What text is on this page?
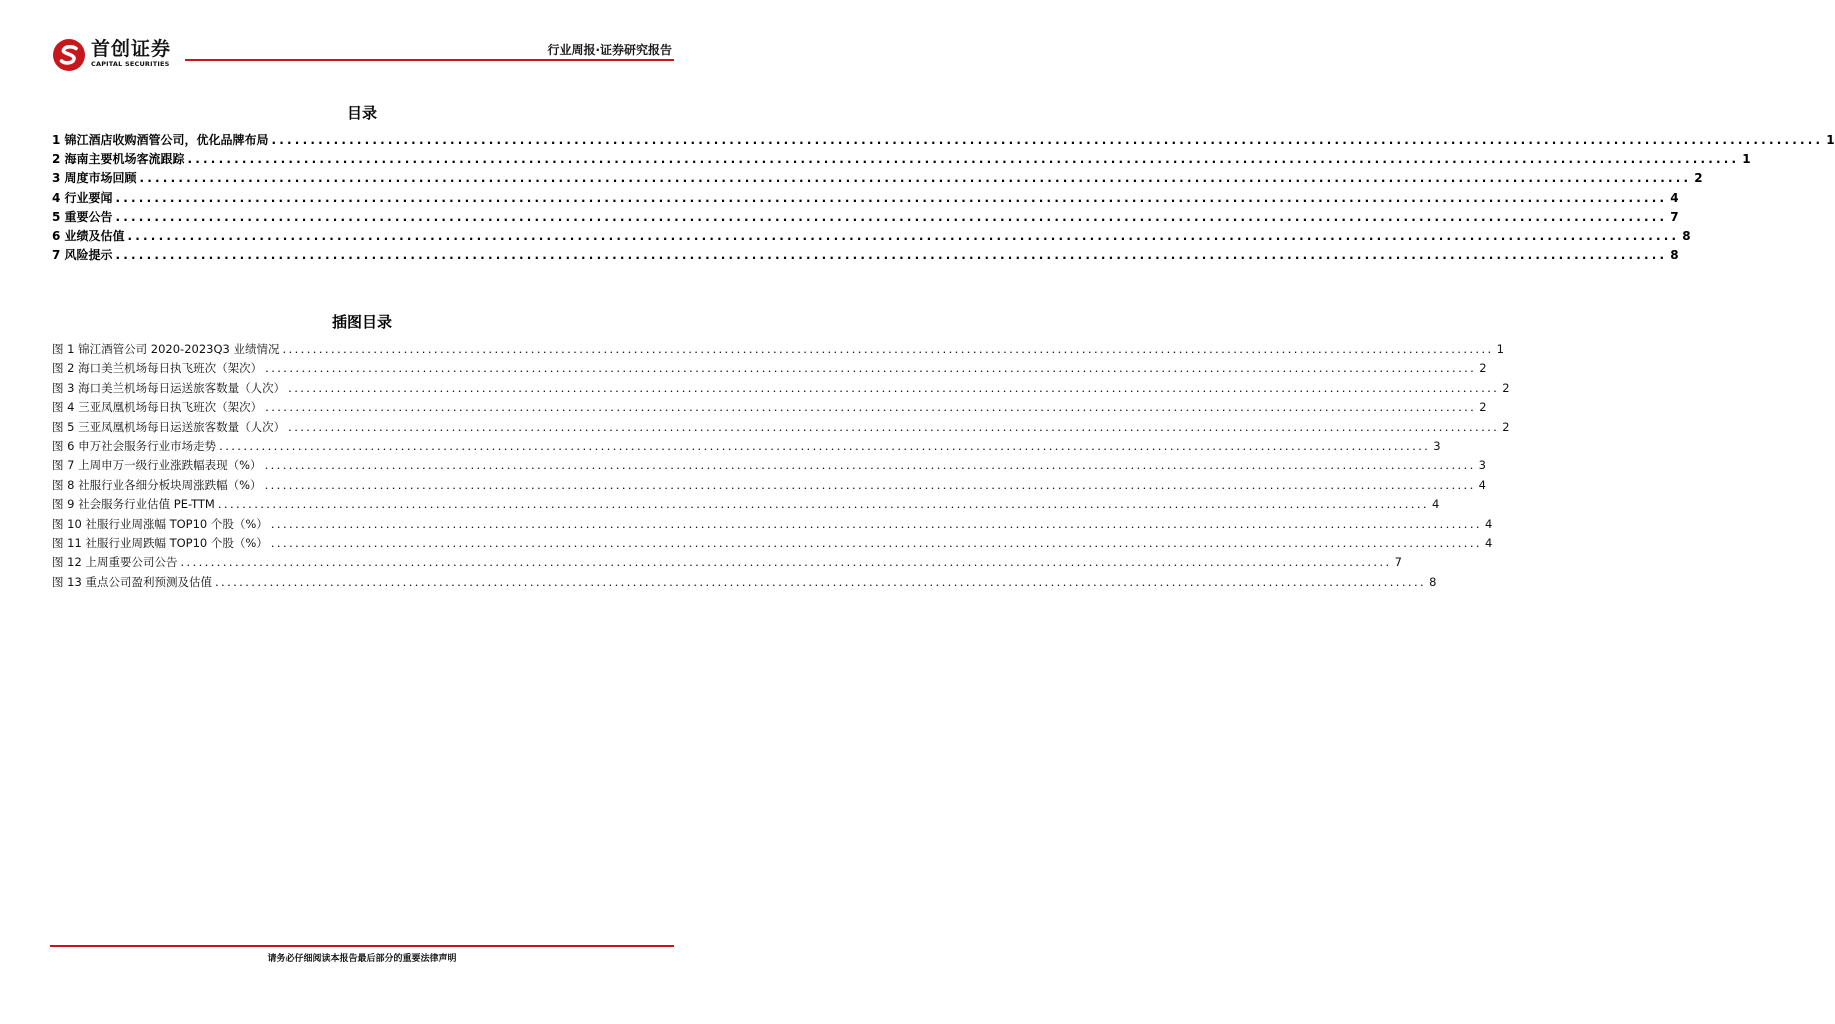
首创证券
CAPITAL SECURITIES
行业周报·证券研究报告
目录
1 锦江酒店收购酒管公司，优化品牌布局 ........................................................................................................................................................................................................ 1
2 海南主要机场客流跟踪 ........................................................................................................................................................................................................ 1
3 周度市场回顾 ........................................................................................................................................................................................................ 2
4 行业要闻 ........................................................................................................................................................................................................ 4
5 重要公告 ........................................................................................................................................................................................................ 7
6 业绩及估值 ........................................................................................................................................................................................................ 8
7 风险提示 ........................................................................................................................................................................................................ 8
插图目录
图 1 锦江酒管公司 2020-2023Q3 业绩情况 ........................................................................................................................................................................................................ 1
图 2 海口美兰机场每日执飞班次（架次） ........................................................................................................................................................................................................ 2
图 3 海口美兰机场每日运送旅客数量（人次） ........................................................................................................................................................................................................ 2
图 4 三亚凤凰机场每日执飞班次（架次） ........................................................................................................................................................................................................ 2
图 5 三亚凤凰机场每日运送旅客数量（人次） ........................................................................................................................................................................................................ 2
图 6 申万社会服务行业市场走势 ........................................................................................................................................................................................................ 3
图 7 上周申万一级行业涨跌幅表现（%） ........................................................................................................................................................................................................ 3
图 8 社服行业各细分板块周涨跌幅（%） ........................................................................................................................................................................................................ 4
图 9 社会服务行业估值 PE-TTM ........................................................................................................................................................................................................ 4
图 10 社服行业周涨幅 TOP10 个股（%） ........................................................................................................................................................................................................ 4
图 11 社服行业周跌幅 TOP10 个股（%） ........................................................................................................................................................................................................ 4
图 12 上周重要公司公告 ........................................................................................................................................................................................................ 7
图 13 重点公司盈利预测及估值 ........................................................................................................................................................................................................ 8
请务必仔细阅读本报告最后部分的重要法律声明
